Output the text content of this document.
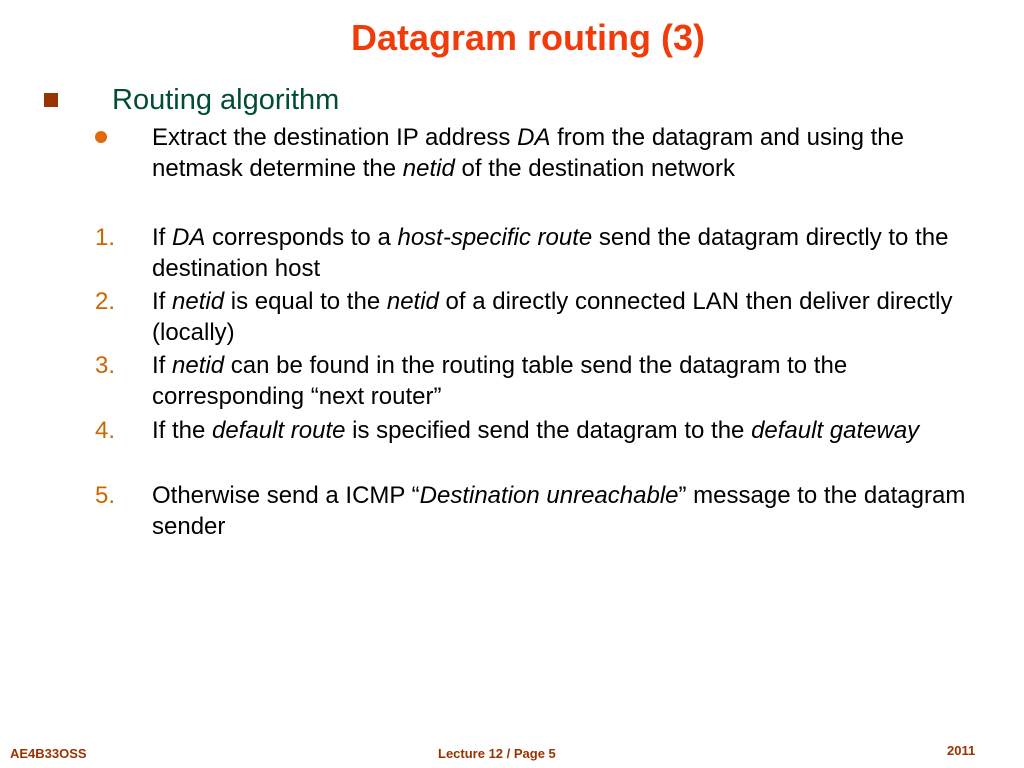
Datagram routing (3)
Routing algorithm
Extract the destination IP address DA from the datagram and using the netmask determine the netid of the destination network
1. If DA corresponds to a host-specific route send the datagram directly to the destination host
2. If netid is equal to the netid of a directly connected LAN then deliver directly (locally)
3. If netid can be found in the routing table send the datagram to the corresponding “next router”
4. If the default route is specified send the datagram to the default gateway
5. Otherwise send a ICMP “Destination unreachable” message to the datagram sender
AE4B33OSS	Lecture 12 / Page 5	2011
